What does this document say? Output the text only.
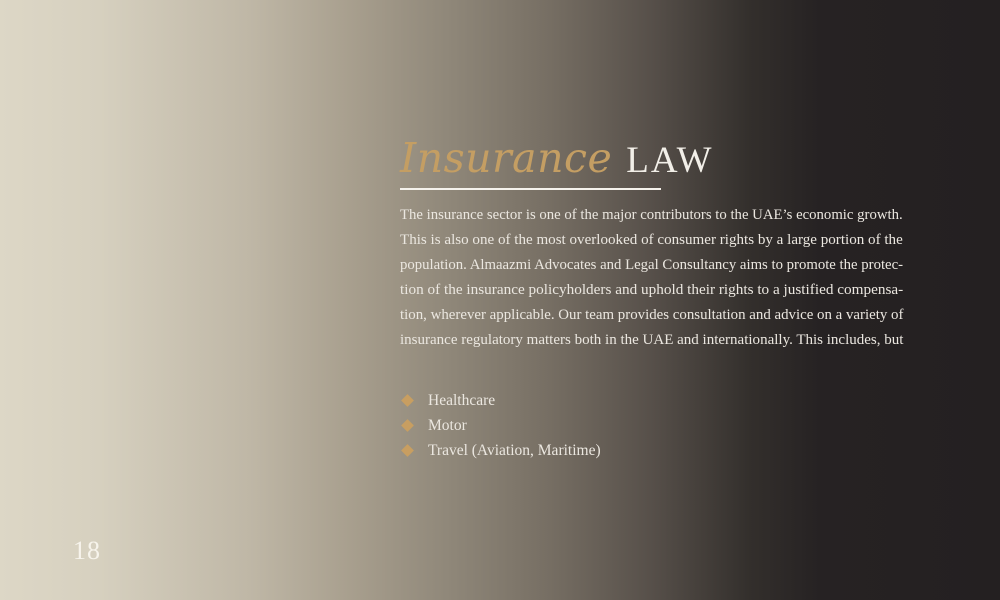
Insurance LAW
The insurance sector is one of the major contributors to the UAE’s economic growth.
This is also one of the most overlooked of consumer rights by a large portion of the
population. Almaazmi Advocates and Legal Consultancy aims to promote the protec-
tion of the insurance policyholders and uphold their rights to a justified compensa-
tion, wherever applicable. Our team provides consultation and advice on a variety of
insurance regulatory matters both in the UAE and internationally. This includes, but
Healthcare
Motor
Travel (Aviation, Maritime)
18
